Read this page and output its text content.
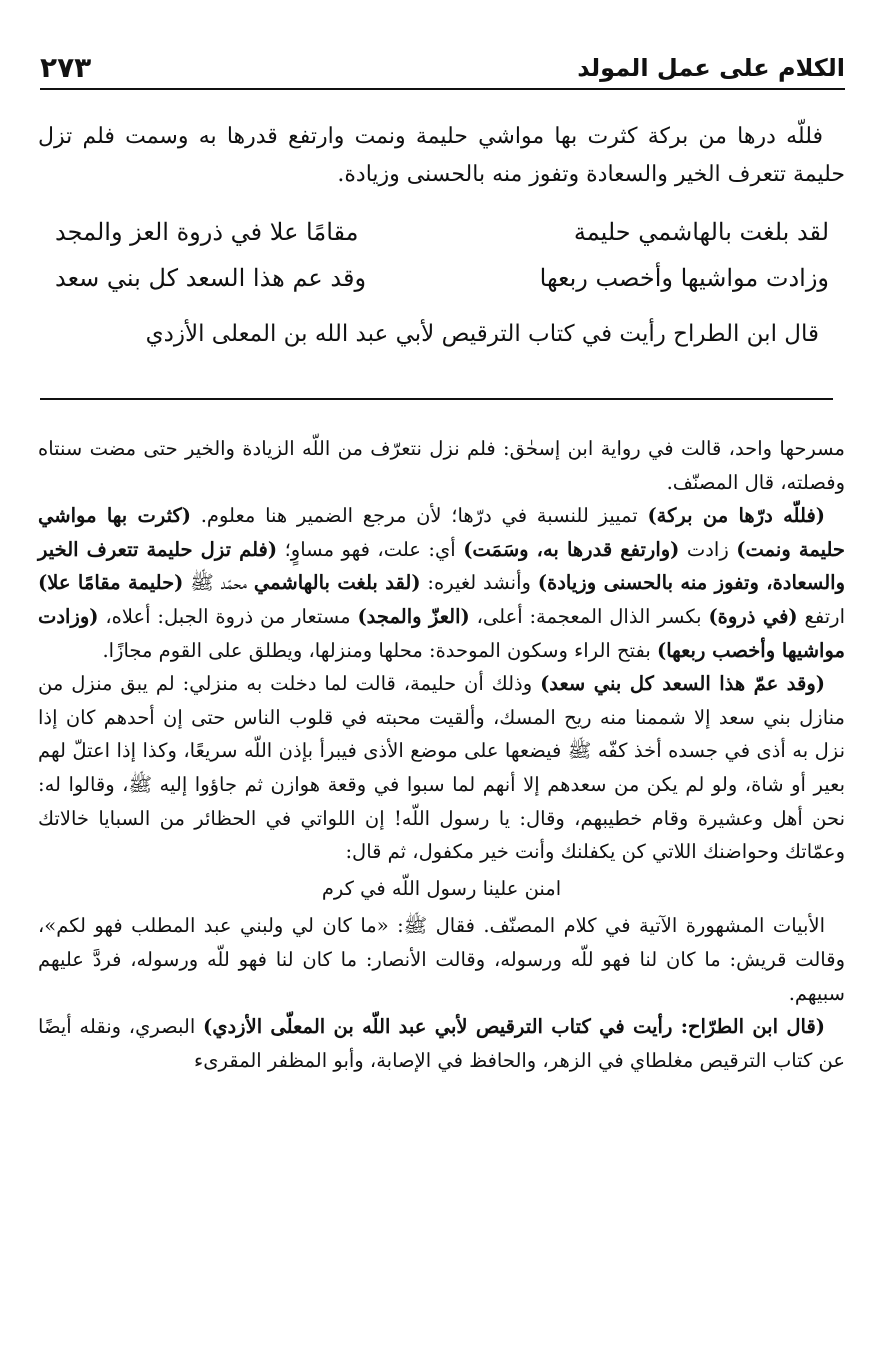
الكلام على عمل المولد
٢٧٣

فللّه درها من بركة كثرت بها مواشي حليمة ونمت وارتفع قدرها به وسمت فلم تزل حليمة تتعرف الخير والسعادة وتفوز منه بالحسنى وزيادة.

لقد بلغت بالهاشمي حليمة
مقامًا علا في ذروة العز والمجد
وزادت مواشيها وأخصب ربعها
وقد عم هذا السعد كل بني سعد
قال ابن الطراح رأيت في كتاب الترقيص لأبي عبد الله بن المعلى الأزدي

مسرحها واحد، قالت في رواية ابن إسحٰق: فلم نزل نتعرّف من اللّه الزيادة والخير حتى مضت سنتاه وفصلته، قال المصنّف.

(فللّه درّها من بركة) تمييز للنسبة في درّها؛ لأن مرجع الضمير هنا معلوم. (كثرت بها مواشي حليمة ونمت) زادت (وارتفع قدرها به، وسَمَت) أي: علت، فهو مساوٍ؛ (فلم تزل حليمة تتعرف الخير والسعادة، وتفوز منه بالحسنى وزيادة) وأنشد لغيره: (لقد بلغت بالهاشمي محمّد ﷺ (حليمة مقامًا علا) ارتفع (في ذروة) بكسر الذال المعجمة: أعلى، (العزّ والمجد) مستعار من ذروة الجبل: أعلاه، (وزادت مواشيها وأخصب ربعها) بفتح الراء وسكون الموحدة: محلها ومنزلها، ويطلق على القوم مجازًا.

(وقد عمّ هذا السعد كل بني سعد) وذلك أن حليمة، قالت لما دخلت به منزلي: لم يبق منزل من منازل بني سعد إلا شممنا منه ريح المسك، وألقيت محبته في قلوب الناس حتى إن أحدهم كان إذا نزل به أذى في جسده أخذ كفّه ﷺ فيضعها على موضع الأذى فيبرأ بإذن اللّه سريعًا، وكذا إذا اعتلّ لهم بعير أو شاة، ولو لم يكن من سعدهم إلا أنهم لما سبوا في وقعة هوازن ثم جاؤوا إليه ﷺ، وقالوا له: نحن أهل وعشيرة وقام خطيبهم، وقال: يا رسول اللّه! إن اللواتي في الحظائر من السبايا خالاتك وعمّاتك وحواضنك اللاتي كن يكفلنك وأنت خير مكفول، ثم قال:

امنن علينا رسول اللّه في كرم

الأبيات المشهورة الآتية في كلام المصنّف. فقال ﷺ: «ما كان لي ولبني عبد المطلب فهو لكم»، وقالت قريش: ما كان لنا فهو للّه ورسوله، وقالت الأنصار: ما كان لنا فهو للّه ورسوله، فردَّ عليهم سبيهم.

(قال ابن الطرّاح: رأيت في كتاب الترقيص لأبي عبد اللّه بن المعلّى الأزدي) البصري، ونقله أيضًا عن كتاب الترقيص مغلطاي في الزهر، والحافظ في الإصابة، وأبو المظفر المقرىء
